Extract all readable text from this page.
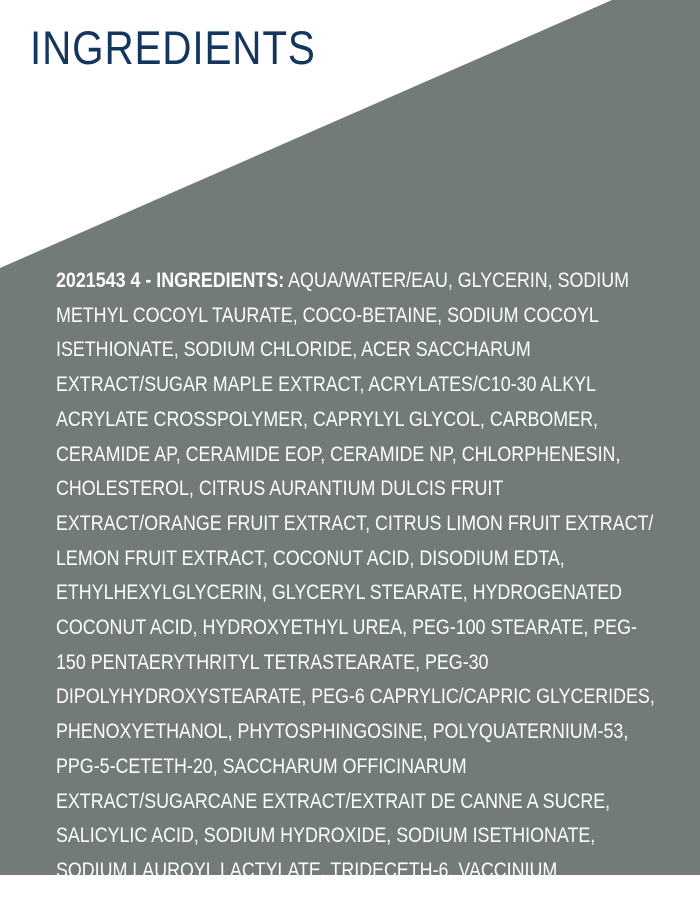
INGREDIENTS

2021543 4 - INGREDIENTS: AQUA/WATER/EAU, GLYCERIN, SODIUM METHYL COCOYL TAURATE, COCO-BETAINE, SODIUM COCOYL ISETHIONATE, SODIUM CHLORIDE, ACER SACCHARUM EXTRACT/SUGAR MAPLE EXTRACT, ACRYLATES/C10-30 ALKYL ACRYLATE CROSSPOLYMER, CAPRYLYL GLYCOL, CARBOMER, CERAMIDE AP, CERAMIDE EOP, CERAMIDE NP, CHLORPHENESIN, CHOLESTEROL, CITRUS AURANTIUM DULCIS FRUIT EXTRACT/ORANGE FRUIT EXTRACT, CITRUS LIMON FRUIT EXTRACT/ LEMON FRUIT EXTRACT, COCONUT ACID, DISODIUM EDTA, ETHYLHEXYLGLYCERIN, GLYCERYL STEARATE, HYDROGENATED COCONUT ACID, HYDROXYETHYL UREA, PEG-100 STEARATE, PEG-150 PENTAERYTHRITYL TETRASTEARATE, PEG-30 DIPOLYHYDROXYSTEARATE, PEG-6 CAPRYLIC/CAPRIC GLYCERIDES, PHENOXYETHANOL, PHYTOSPHINGOSINE, POLYQUATERNIUM-53, PPG-5-CETETH-20, SACCHARUM OFFICINARUM EXTRACT/SUGARCANE EXTRACT/EXTRAIT DE CANNE A SUCRE, SALICYLIC ACID, SODIUM HYDROXIDE, SODIUM ISETHIONATE, SODIUM LAUROYL LACTYLATE, TRIDECETH-6, VACCINIUM MYRTILLUS FRUIT EXTRACT, XANTHAN GUM (CODE F.I.L. D223354/1)
